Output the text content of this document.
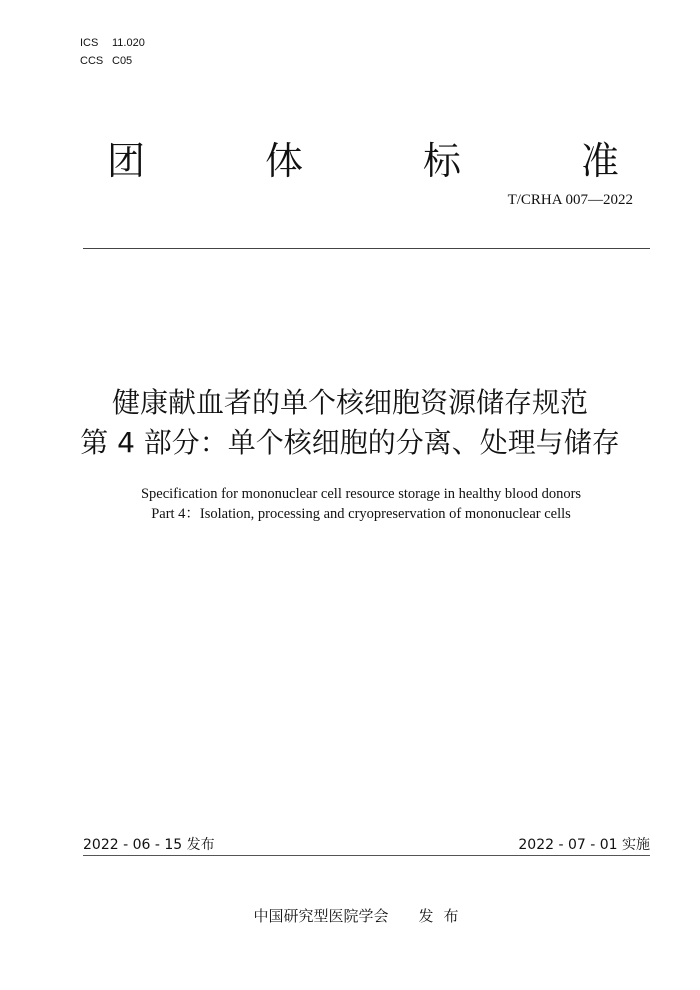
ICS 11.020
CCS C05
团	体	标	准
T/CRHA 007—2022
健康献血者的单个核细胞资源储存规范
第 4 部分：单个核细胞的分离、处理与储存
Specification for mononuclear cell resource storage in healthy blood donors
Part 4：Isolation, processing and cryopreservation of mononuclear cells
2022 - 06 - 15 发布	2022 - 07 - 01 实施
中国研究型医院学会 发布
